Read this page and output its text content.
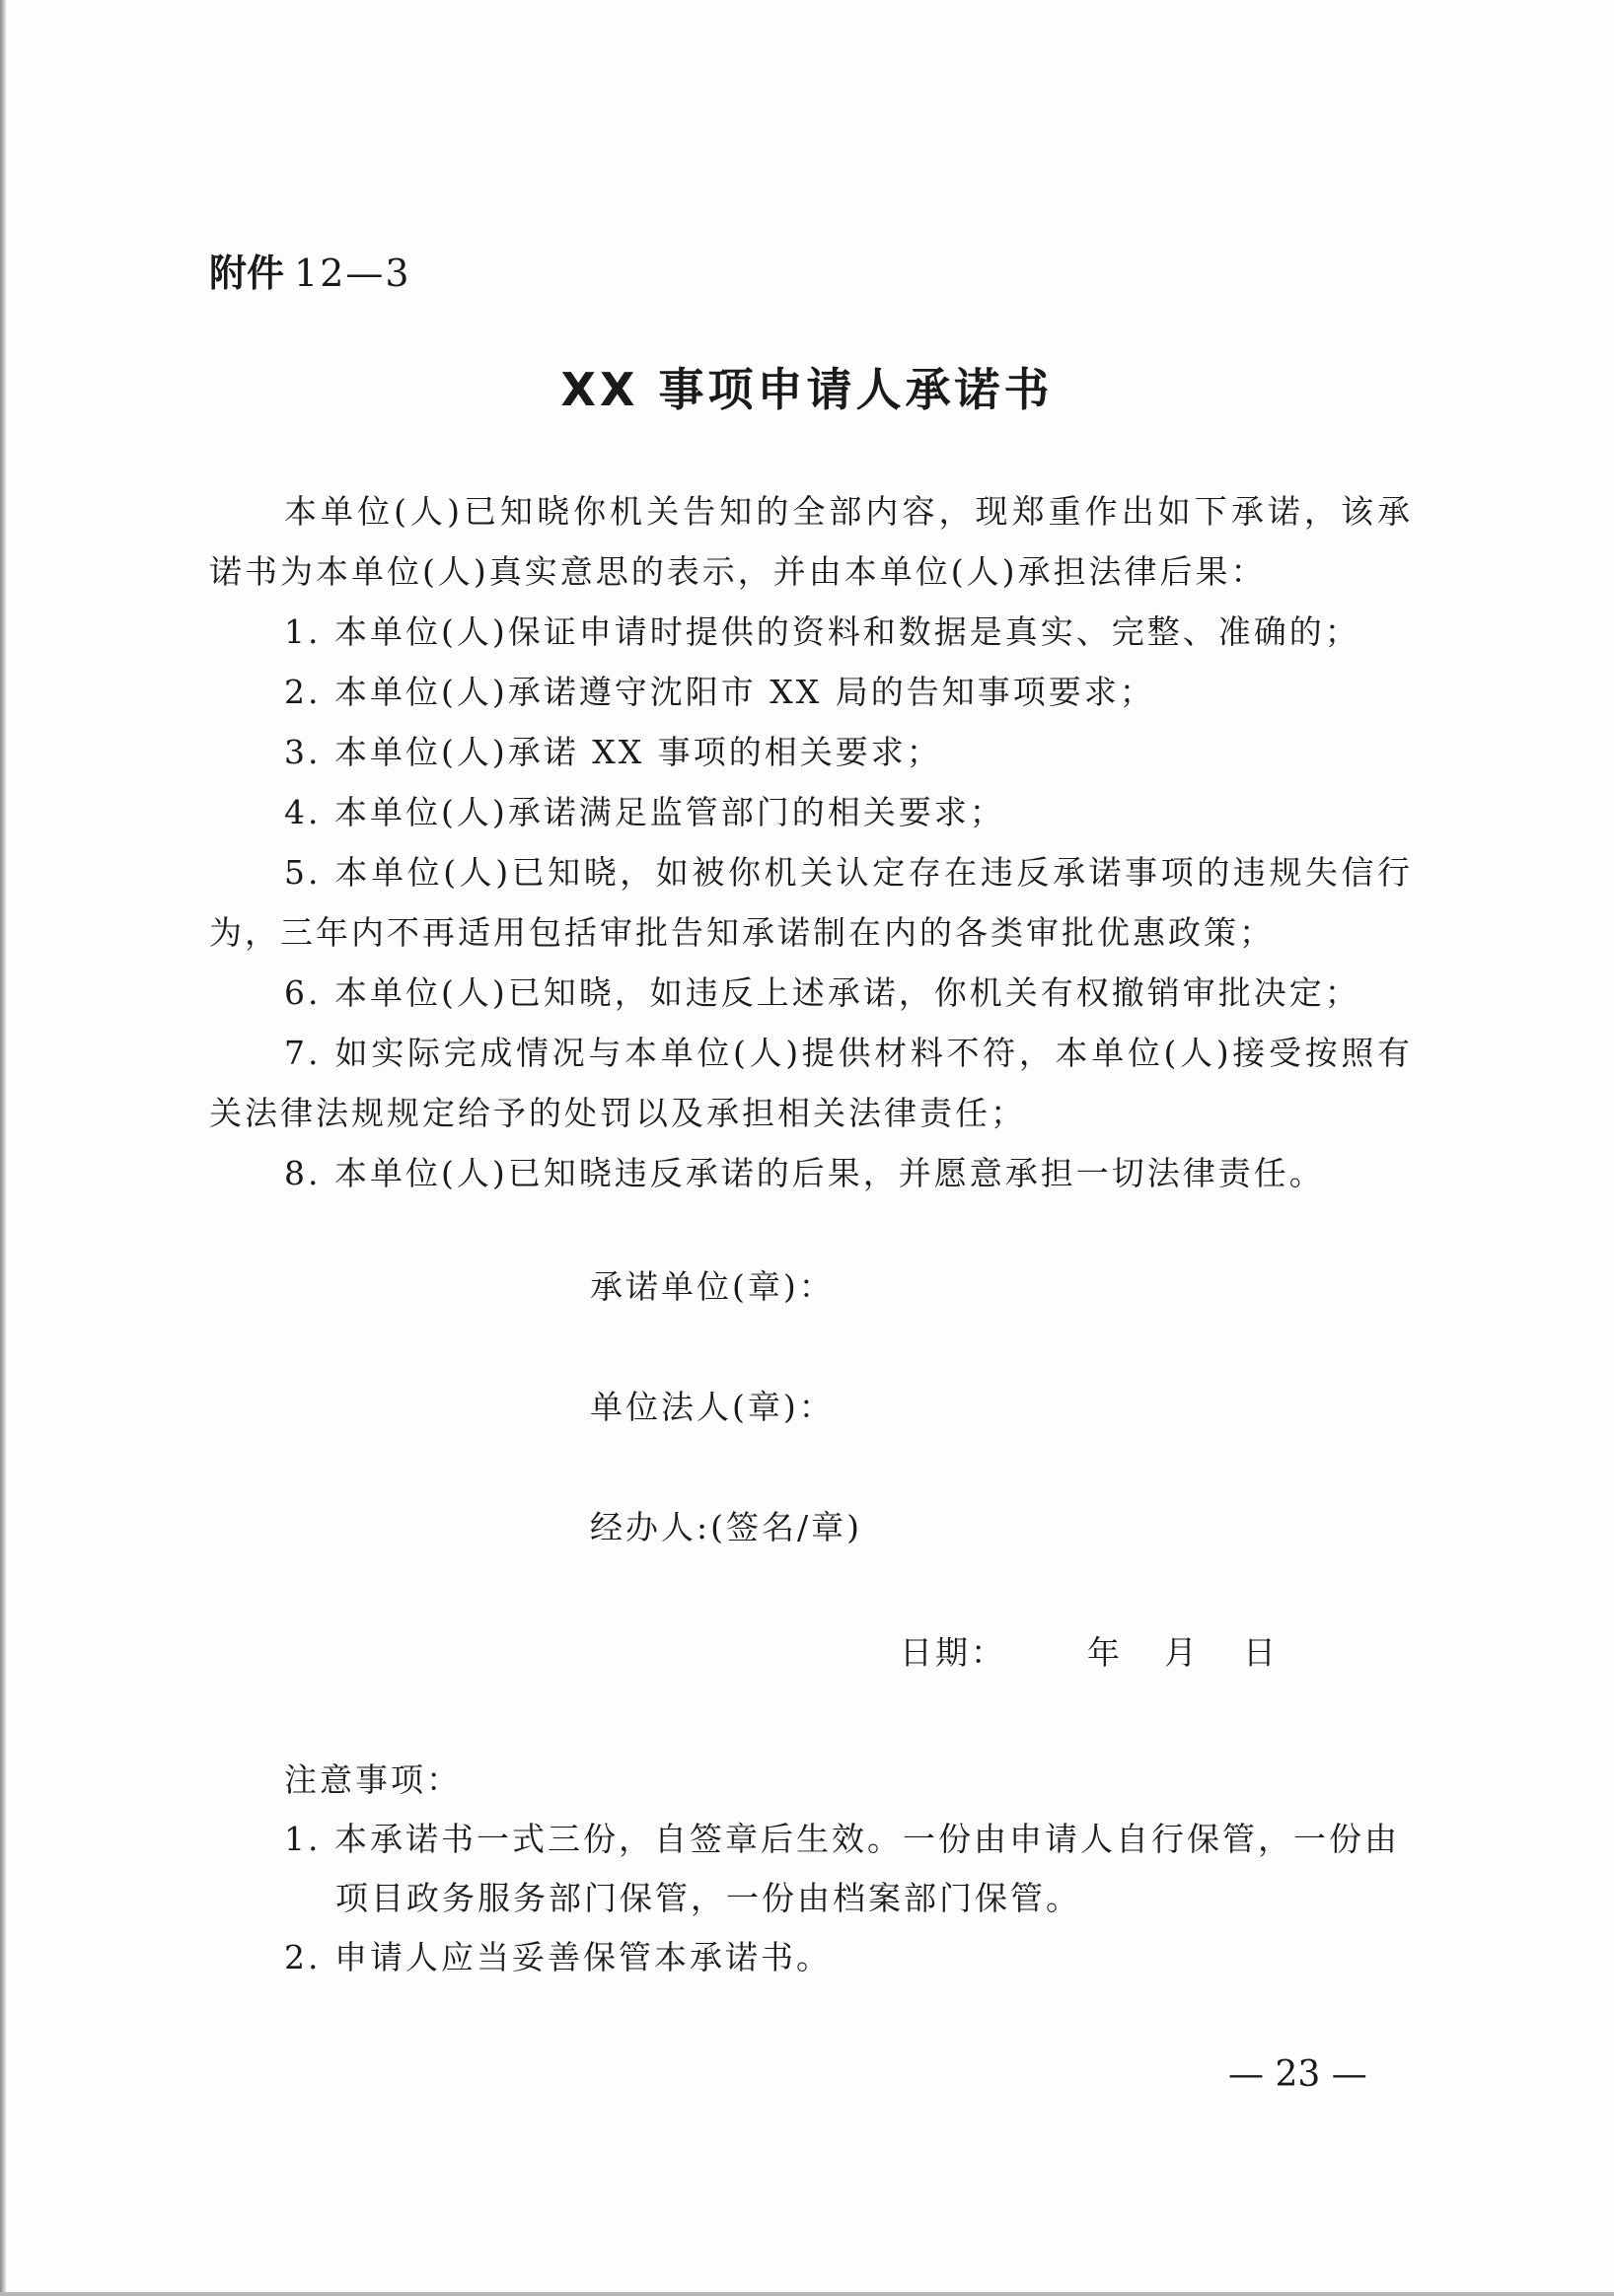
附件 12—3
XX 事项申请人承诺书

本单位(人)已知晓你机关告知的全部内容，现郑重作出如下承诺，该承诺书为本单位(人)真实意思的表示，并由本单位(人)承担法律后果：

1. 本单位(人)保证申请时提供的资料和数据是真实、完整、准确的；

2. 本单位(人)承诺遵守沈阳市 XX 局的告知事项要求；

3. 本单位(人)承诺 XX 事项的相关要求；

4. 本单位(人)承诺满足监管部门的相关要求；

5. 本单位(人)已知晓，如被你机关认定存在违反承诺事项的违规失信行为，三年内不再适用包括审批告知承诺制在内的各类审批优惠政策；

6. 本单位(人)已知晓，如违反上述承诺，你机关有权撤销审批决定；

7. 如实际完成情况与本单位(人)提供材料不符，本单位(人)接受按照有关法律法规规定给予的处罚以及承担相关法律责任；

8. 本单位(人)已知晓违反承诺的后果，并愿意承担一切法律责任。

承诺单位(章)：
单位法人(章)：
经办人:(签名/章)
日期： 年 月 日
注意事项：
1. 本承诺书一式三份，自签章后生效。一份由申请人自行保管，一份由项目政务服务部门保管，一份由档案部门保管。
2. 申请人应当妥善保管本承诺书。
— 23 —
